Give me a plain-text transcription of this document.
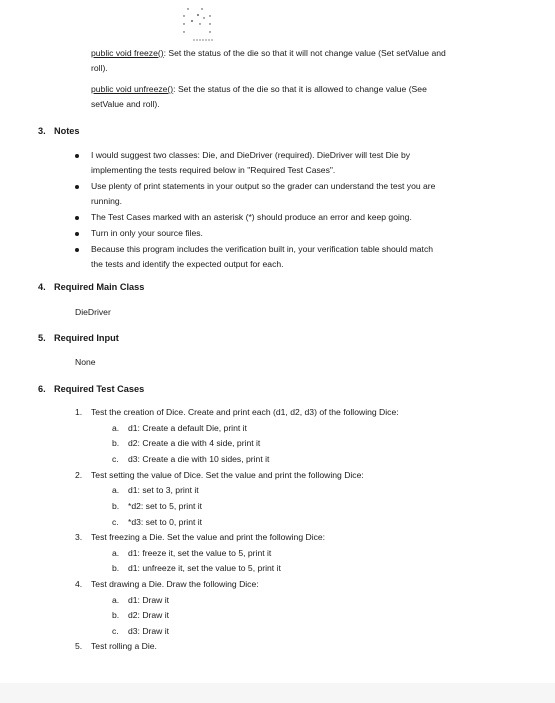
public void freeze(): Set the status of the die so that it will not change value (Set setValue and
roll).
public void unfreeze(): Set the status of the die so that it is allowed to change value (See
setValue and roll).
3. Notes
I would suggest two classes: Die, and DieDriver (required). DieDriver will test Die by
implementing the tests required below in "Required Test Cases".
Use plenty of print statements in your output so the grader can understand the test you are
running.
The Test Cases marked with an asterisk (*) should produce an error and keep going.
Turn in only your source files.
Because this program includes the verification built in, your verification table should match
the tests and identify the expected output for each.
4. Required Main Class
DieDriver
5. Required Input
None
6. Required Test Cases
1. Test the creation of Dice. Create and print each (d1, d2, d3) of the following Dice:
a. d1: Create a default Die, print it
b. d2: Create a die with 4 side, print it
c. d3: Create a die with 10 sides, print it
2. Test setting the value of Dice. Set the value and print the following Dice:
a. d1: set to 3, print it
b. *d2: set to 5, print it
c. *d3: set to 0, print it
3. Test freezing a Die. Set the value and print the following Dice:
a. d1: freeze it, set the value to 5, print it
b. d1: unfreeze it, set the value to 5, print it
4. Test drawing a Die. Draw the following Dice:
a. d1: Draw it
b. d2: Draw it
c. d3: Draw it
5. Test rolling a Die.
